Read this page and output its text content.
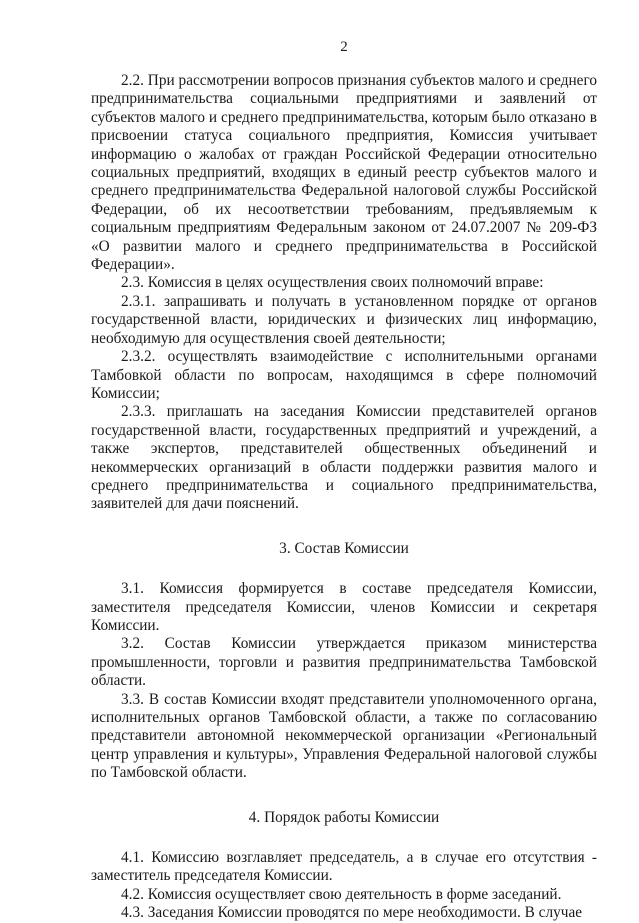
2

2.2. При рассмотрении вопросов признания субъектов малого и среднего предпринимательства социальными предприятиями и заявлений от субъектов малого и среднего предпринимательства, которым было отказано в присвоении статуса социального предприятия, Комиссия учитывает информацию о жалобах от граждан Российской Федерации относительно социальных предприятий, входящих в единый реестр субъектов малого и среднего предпринимательства Федеральной налоговой службы Российской Федерации, об их несоответствии требованиям, предъявляемым к социальным предприятиям Федеральным законом от 24.07.2007 № 209-ФЗ «О развитии малого и среднего предпринимательства в Российской Федерации».

2.3. Комиссия в целях осуществления своих полномочий вправе:

2.3.1. запрашивать и получать в установленном порядке от органов государственной власти, юридических и физических лиц информацию, необходимую для осуществления своей деятельности;

2.3.2. осуществлять взаимодействие с исполнительными органами Тамбовкой области по вопросам, находящимся в сфере полномочий Комиссии;

2.3.3. приглашать на заседания Комиссии представителей органов государственной власти, государственных предприятий и учреждений, а также экспертов, представителей общественных объединений и некоммерческих организаций в области поддержки развития малого и среднего предпринимательства и социального предпринимательства, заявителей для дачи пояснений.

3. Состав Комиссии

3.1. Комиссия формируется в составе председателя Комиссии, заместителя председателя Комиссии, членов Комиссии и секретаря Комиссии.

3.2. Состав Комиссии утверждается приказом министерства промышленности, торговли и развития предпринимательства Тамбовской области.

3.3. В состав Комиссии входят представители уполномоченного органа, исполнительных органов Тамбовской области, а также по согласованию представители автономной некоммерческой организации «Региональный центр управления и культуры», Управления Федеральной налоговой службы по Тамбовской области.

4. Порядок работы Комиссии

4.1. Комиссию возглавляет председатель, а в случае его отсутствия - заместитель председателя Комиссии.

4.2. Комиссия осуществляет свою деятельность в форме заседаний.

4.3. Заседания Комиссии проводятся по мере необходимости. В случае
